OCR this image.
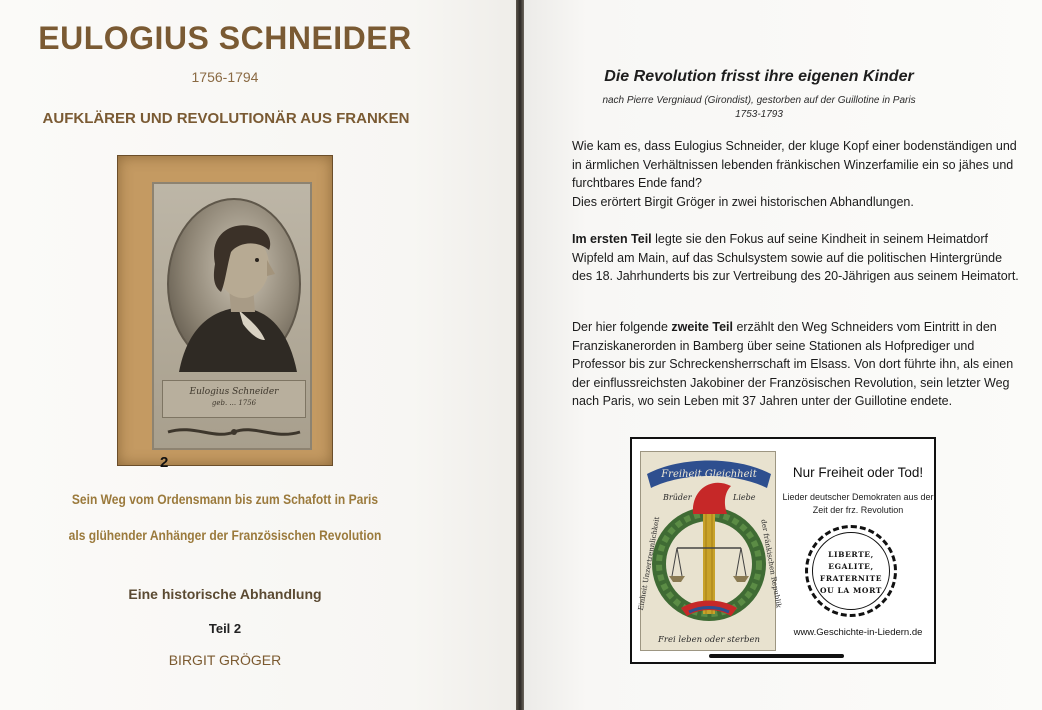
EULOGIUS SCHNEIDER
1756-1794
AUFKLÄRER UND REVOLUTIONÄR AUS FRANKEN
Eulogius Schneider
geb. ... 1756
2
Sein Weg vom Ordensmann bis zum Schafott in Paris
als glühender Anhänger der Französischen Revolution
Eine historische Abhandlung
Teil 2
BIRGIT GRÖGER
Die Revolution frisst ihre eigenen Kinder
nach Pierre Vergniaud (Girondist), gestorben auf der Guillotine in Paris
1753-1793
Wie kam es, dass Eulogius Schneider, der kluge Kopf einer bodenständigen und in ärmlichen Verhältnissen lebenden fränkischen Winzerfamilie ein so jähes und furchtbares Ende fand?
Dies erörtert Birgit Gröger in zwei historischen Abhandlungen.
Im ersten Teil legte sie den Fokus auf seine Kindheit in seinem Heimatdorf Wipfeld am Main, auf das Schulsystem sowie auf die politischen Hintergründe des 18. Jahrhunderts bis zur Vertreibung des 20-Jährigen aus seinem Heimatort.
Der hier folgende zweite Teil erzählt den Weg Schneiders vom Eintritt in den Franziskanerorden in Bamberg über seine Stationen als Hofprediger und Professor bis zur Schreckensherrschaft im Elsass. Von dort führte ihn, als einen der einflussreichsten Jakobiner der Französischen Revolution, sein letzter Weg nach Paris, wo sein Leben mit 37 Jahren unter der Guillotine endete.
Freiheit Gleichheit
Brüder	Liebe
Einheit Unzertrennlichkeit	der fränkischen Republik
Frei leben oder sterben
Nur Freiheit oder Tod!
Lieder deutscher Demokraten aus der Zeit der frz. Revolution
LIBERTE,
EGALITE,
FRATERNITE
OU LA MORT
www.Geschichte-in-Liedern.de
